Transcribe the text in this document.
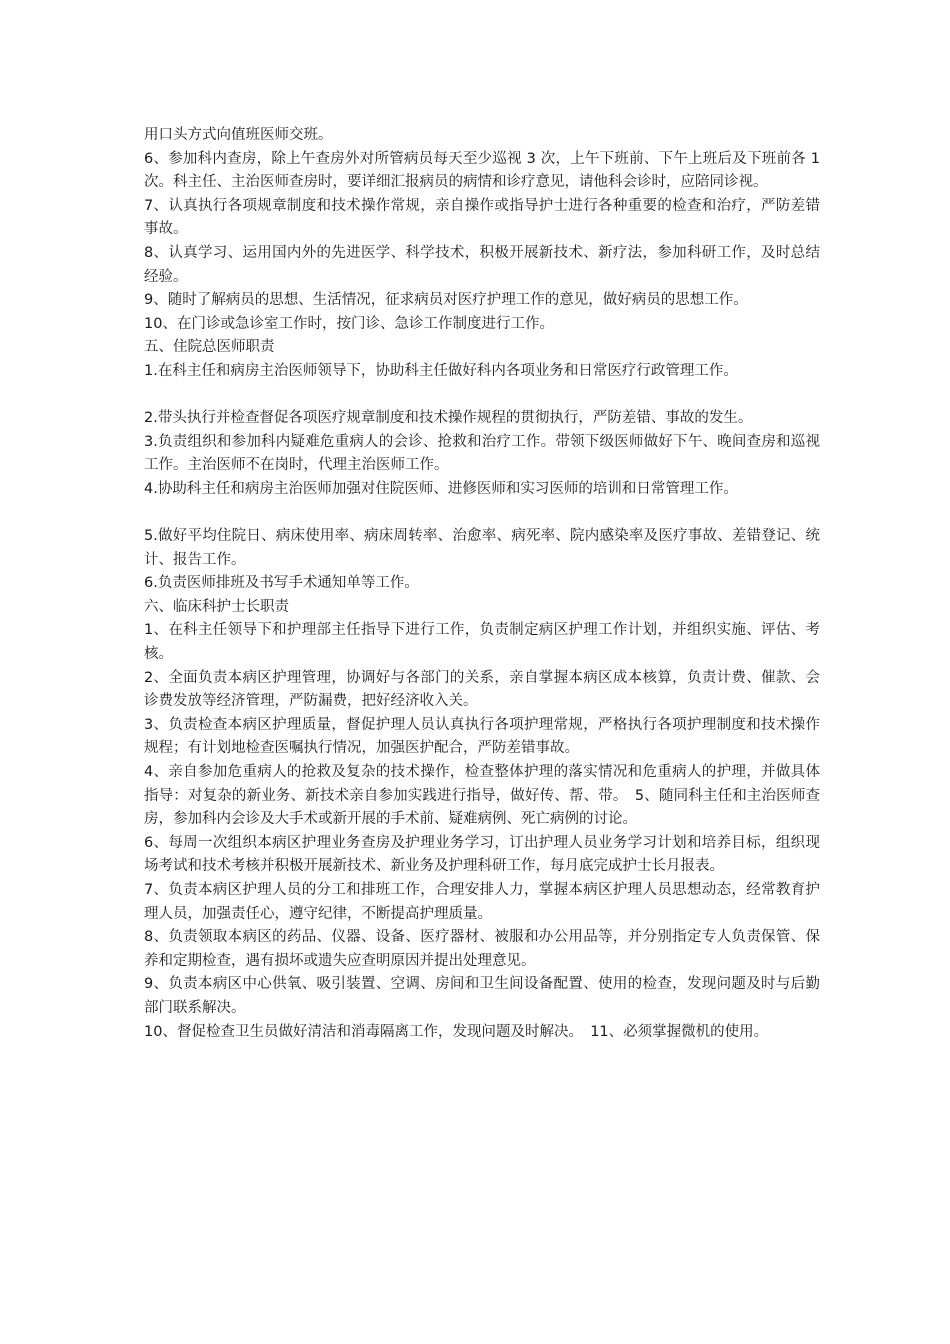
用口头方式向值班医师交班。

6、参加科内查房，除上午查房外对所管病员每天至少巡视 3 次，上午下班前、下午上班后及下班前各 1 次。科主任、主治医师查房时，要详细汇报病员的病情和诊疗意见，请他科会诊时，应陪同诊视。

7、认真执行各项规章制度和技术操作常规，亲自操作或指导护士进行各种重要的检查和治疗，严防差错事故。

8、认真学习、运用国内外的先进医学、科学技术，积极开展新技术、新疗法，参加科研工作，及时总结经验。

9、随时了解病员的思想、生活情况，征求病员对医疗护理工作的意见，做好病员的思想工作。

10、在门诊或急诊室工作时，按门诊、急诊工作制度进行工作。

五、住院总医师职责

1.在科主任和病房主治医师领导下，协助科主任做好科内各项业务和日常医疗行政管理工作。

2.带头执行并检查督促各项医疗规章制度和技术操作规程的贯彻执行，严防差错、事故的发生。

3.负责组织和参加科内疑难危重病人的会诊、抢救和治疗工作。带领下级医师做好下午、晚间查房和巡视工作。主治医师不在岗时，代理主治医师工作。

4.协助科主任和病房主治医师加强对住院医师、进修医师和实习医师的培训和日常管理工作。

5.做好平均住院日、病床使用率、病床周转率、治愈率、病死率、院内感染率及医疗事故、差错登记、统计、报告工作。

6.负责医师排班及书写手术通知单等工作。

六、临床科护士长职责

1、在科主任领导下和护理部主任指导下进行工作，负责制定病区护理工作计划，并组织实施、评估、考核。

2、全面负责本病区护理管理，协调好与各部门的关系，亲自掌握本病区成本核算，负责计费、催款、会诊费发放等经济管理，严防漏费，把好经济收入关。

3、负责检查本病区护理质量，督促护理人员认真执行各项护理常规，严格执行各项护理制度和技术操作规程；有计划地检查医嘱执行情况，加强医护配合，严防差错事故。

4、亲自参加危重病人的抢救及复杂的技术操作，检查整体护理的落实情况和危重病人的护理，并做具体指导：对复杂的新业务、新技术亲自参加实践进行指导，做好传、帮、带。　5、随同科主任和主治医师查房，参加科内会诊及大手术或新开展的手术前、疑难病例、死亡病例的讨论。

6、每周一次组织本病区护理业务查房及护理业务学习，订出护理人员业务学习计划和培养目标，组织现场考试和技术考核并积极开展新技术、新业务及护理科研工作，每月底完成护士长月报表。

7、负责本病区护理人员的分工和排班工作，合理安排人力，掌握本病区护理人员思想动态，经常教育护理人员，加强责任心，遵守纪律，不断提高护理质量。

8、负责领取本病区的药品、仪器、设备、医疗器材、被服和办公用品等，并分别指定专人负责保管、保养和定期检查，遇有损坏或遗失应查明原因并提出处理意见。

9、负责本病区中心供氧、吸引装置、空调、房间和卫生间设备配置、使用的检查，发现问题及时与后勤部门联系解决。

10、督促检查卫生员做好清洁和消毒隔离工作，发现问题及时解决。　11、必须掌握微机的使用。
